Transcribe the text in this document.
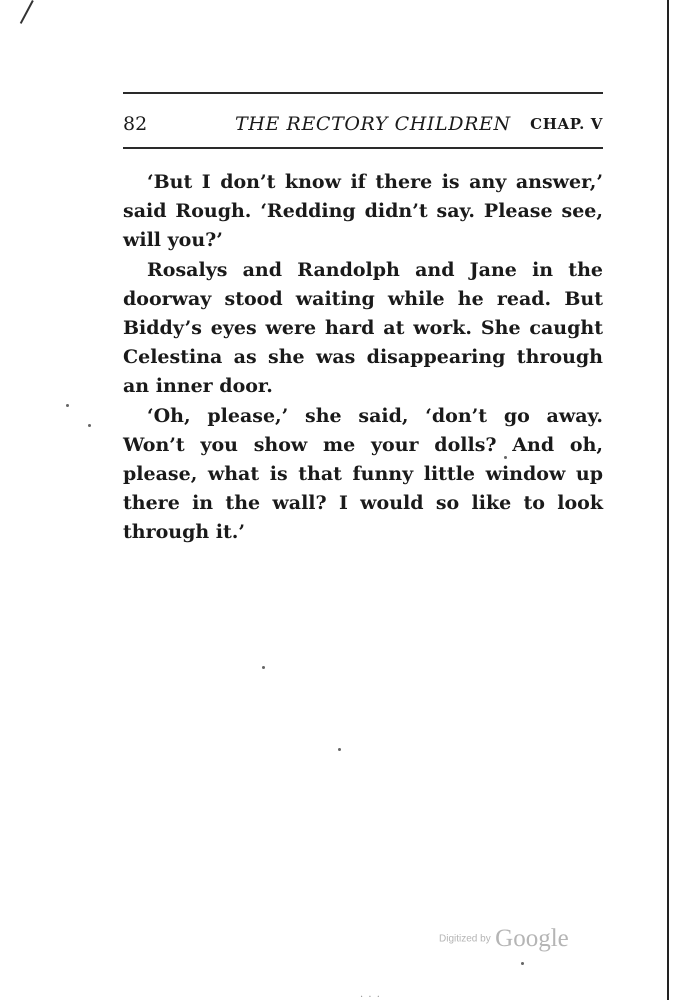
82	THE RECTORY CHILDREN CHAP. V

‘But I don’t know if there is any answer,’ said Rough. ‘Redding didn’t say. Please see, will you?’

Rosalys and Randolph and Jane in the doorway stood waiting while he read. But Biddy’s eyes were hard at work. She caught Celestina as she was disappearing through an inner door.

‘Oh, please,’ she said, ‘don’t go away. Won’t you show me your dolls? And oh, please, what is that funny little window up there in the wall? I would so like to look through it.’

Digitized by Google
· · ·
